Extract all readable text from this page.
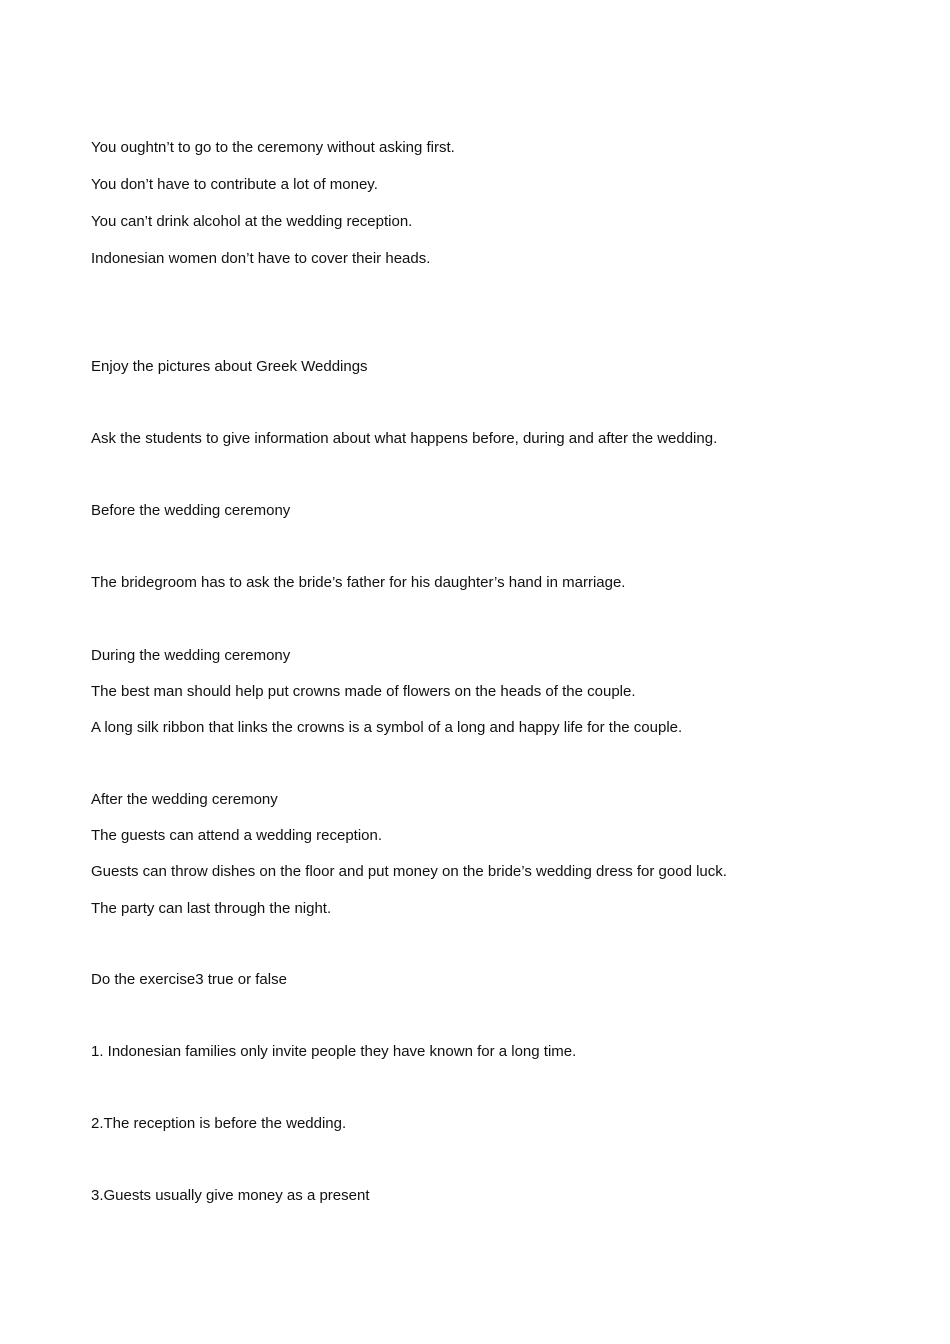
You oughtn’t to go to the ceremony without asking first.
You don’t have to contribute a lot of money.
You can’t drink alcohol at the wedding reception.
Indonesian women don’t have to cover their heads.
Enjoy the pictures about Greek Weddings
Ask the students to give information about what happens before, during and after the wedding.
Before the wedding ceremony
The bridegroom has to ask the bride’s father for his daughter’s hand in marriage.
During the wedding ceremony
The best man should help put crowns made of flowers on the heads of the couple.
A long silk ribbon that links the crowns is a symbol of a long and happy life for the couple.
After the wedding ceremony
The guests can attend a wedding reception.
Guests can throw dishes on the floor and put money on the bride’s wedding dress for good luck.
The party can last through the night.
Do the exercise3 true or false
1. Indonesian families only invite people they have known for a long time.
2.The reception is before the wedding.
3.Guests usually give money as a present
